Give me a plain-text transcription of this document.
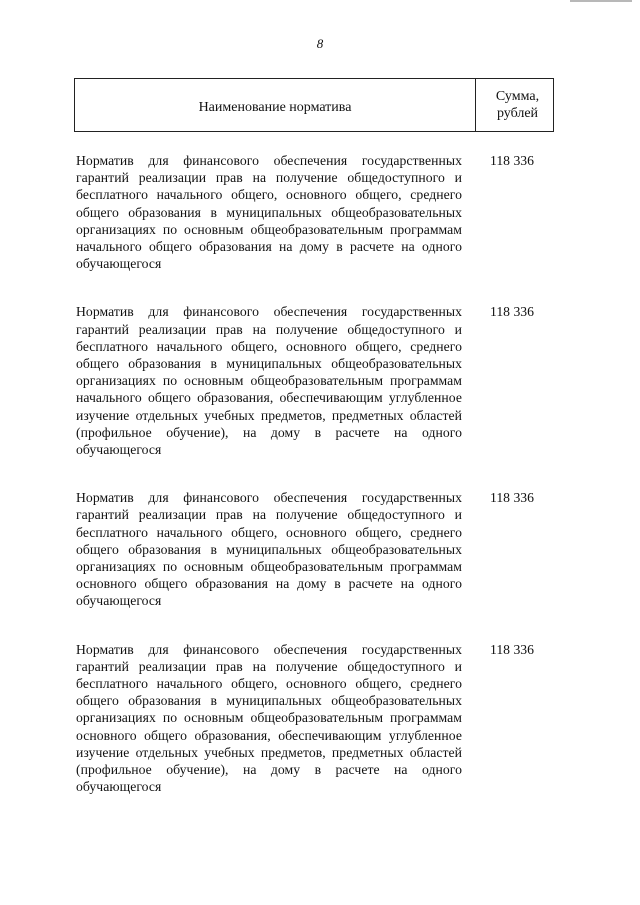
8
Наименование норматива
Сумма, рублей
Норматив для финансового обеспечения государственных гарантий реализации прав на получение общедоступного и бесплатного начального общего, основного общего, среднего общего образования в муниципальных общеобразовательных организациях по основным общеобразовательным программам начального общего образования на дому в расчете на одного обучающегося
118 336
Норматив для финансового обеспечения государственных гарантий реализации прав на получение общедоступного и бесплатного начального общего, основного общего, среднего общего образования в муниципальных общеобразовательных организациях по основным общеобразовательным программам начального общего образования, обеспечивающим углубленное изучение отдельных учебных предметов, предметных областей (профильное обучение), на дому в расчете на одного обучающегося
118 336
Норматив для финансового обеспечения государственных гарантий реализации прав на получение общедоступного и бесплатного начального общего, основного общего, среднего общего образования в муниципальных общеобразовательных организациях по основным общеобразовательным программам основного общего образования на дому в расчете на одного обучающегося
118 336
Норматив для финансового обеспечения государственных гарантий реализации прав на получение общедоступного и бесплатного начального общего, основного общего, среднего общего образования в муниципальных общеобразовательных организациях по основным общеобразовательным программам основного общего образования, обеспечивающим углубленное изучение отдельных учебных предметов, предметных областей (профильное обучение), на дому в расчете на одного обучающегося
118 336
